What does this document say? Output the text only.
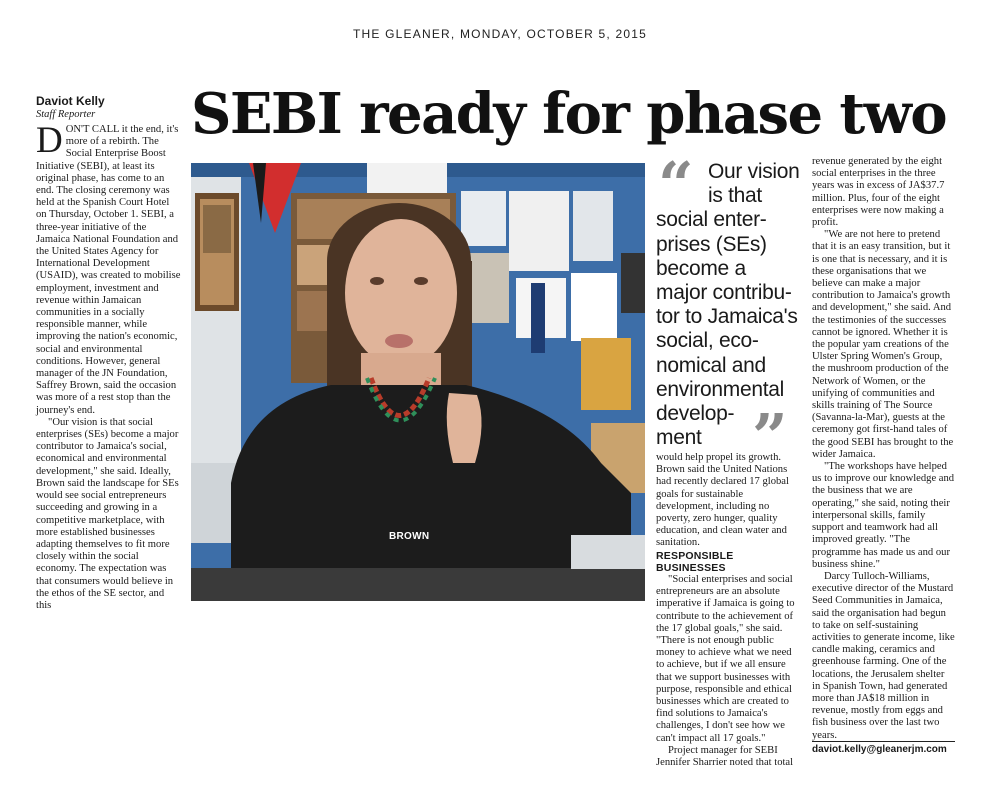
THE GLEANER, MONDAY, OCTOBER 5, 2015
Daviot Kelly
Staff Reporter	SEBI ready for phase two

DON'T CALL it the end, it's more of a rebirth. The Social Enterprise Boost Initiative (SEBI), at least its original phase, has come to an end. The closing ceremony was held at the Spanish Court Hotel on Thursday, October 1. SEBI, a three-year initiative of the Jamaica National Foundation and the United States Agency for International Development (USAID), was created to mobilise employment, investment and revenue within Jamaican communities in a socially responsible manner, while improving the nation's economic, social and environmental conditions. However, general manager of the JN Foundation, Saffrey Brown, said the occasion was more of a rest stop than the journey's end.

"Our vision is that social enterprises (SEs) become a major contributor to Jamaica's social, economical and environmental development," she said. Ideally, Brown said the landscape for SEs would see social entrepreneurs succeeding and growing in a competitive marketplace, with more established businesses adapting themselves to fit more closely within the social economy. The expectation was that consumers would believe in the ethos of the SE sector, and this

BROWN
Our vision
is that
social enter-
prises (SEs)
become a
major contribu-
tor to Jamaica's
social, eco-
nomical and
environmental
develop-
ment
“
”

would help propel its growth. Brown said the United Nations had recently declared 17 global goals for sustainable development, including no poverty, zero hunger, quality education, and clean water and sanitation.

RESPONSIBLE BUSINESSES

"Social enterprises and social entrepreneurs are an absolute imperative if Jamaica is going to contribute to the achievement of the 17 global goals," she said. "There is not enough public money to achieve what we need to achieve, but if we all ensure that we support businesses with purpose, responsible and ethical businesses which are created to find solutions to Jamaica's challenges, I don't see how we can't impact all 17 goals."

Project manager for SEBI Jennifer Sharrier noted that total

revenue generated by the eight social enterprises in the three years was in excess of JA$37.7 million. Plus, four of the eight enterprises were now making a profit.

"We are not here to pretend that it is an easy transition, but it is one that is necessary, and it is these organisations that we believe can make a major contribution to Jamaica's growth and development," she said. And the testimonies of the successes cannot be ignored. Whether it is the popular yam creations of the Ulster Spring Women's Group, the mushroom production of the Network of Women, or the unifying of communities and skills training of The Source (Savanna-la-Mar), guests at the ceremony got first-hand tales of the good SEBI has brought to the wider Jamaica.

"The workshops have helped us to improve our knowledge and the business that we are operating," she said, noting their interpersonal skills, family support and teamwork had all improved greatly. "The programme has made us and our business shine."

Darcy Tulloch-Williams, executive director of the Mustard Seed Communities in Jamaica, said the organisation had begun to take on self-sustaining activities to generate income, like candle making, ceramics and greenhouse farming. One of the locations, the Jerusalem shelter in Spanish Town, had generated more than JA$18 million in revenue, mostly from eggs and fish business over the last two years.

daviot.kelly@gleanerjm.com
